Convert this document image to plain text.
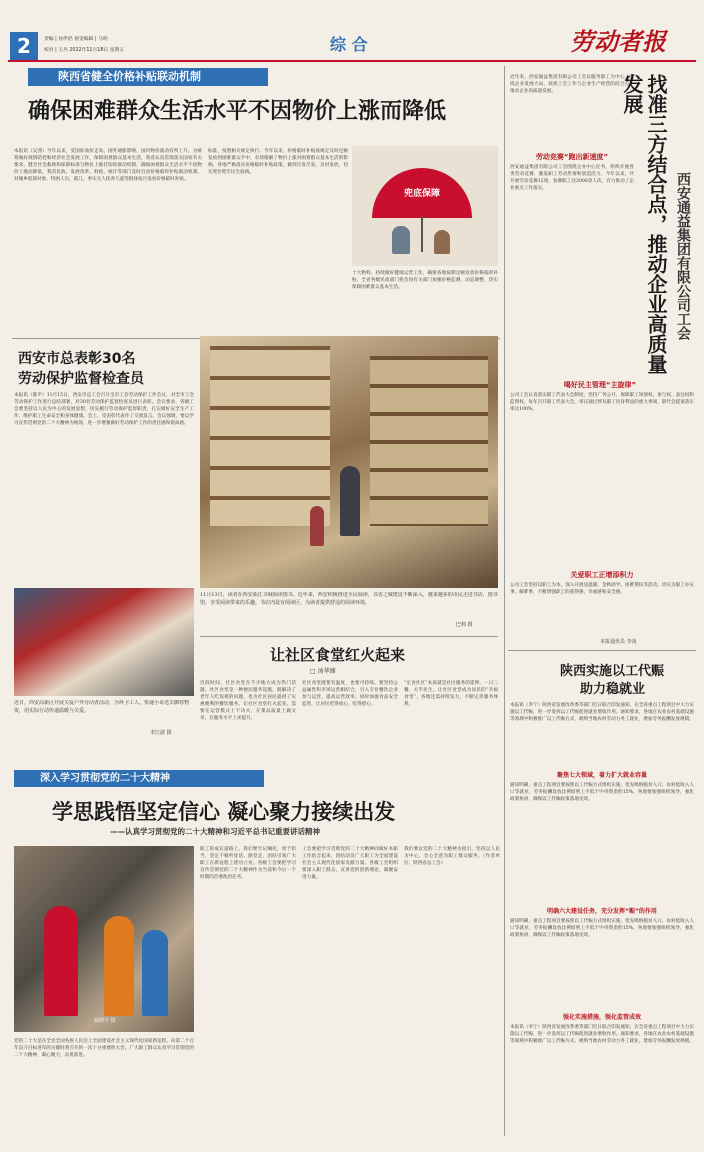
2	责编 | 孙伴侣 视觉编辑 | 马明
校对 | 王丹 2022年11月18日 星期五	综 合	劳动者报
陕西省健全价格补贴联动机制
确保困难群众生活水平不因物价上涨而降低
本报讯（吴茜）今年以来，受国际油价走高、国外通胀影响，国内物价波动有所上升。为统筹做好疫情防控和经济社会发展工作，保障困难群众基本生活，我省认真贯彻落实国家有关要求，健全社会救助和保障标准与物价上涨挂钩的联动机制，确保困难群众生活水平不因物价上涨而降低。我省民政、发展改革、财政、统计等部门及时启动价格临时补贴联动机制，对城乡低保对象、特困人员、孤儿、事实无人抚养儿童等群体按月发放价格临时补贴。
标准，按照相关规定执行。今年以来，价格临时补贴按规定及时足额发放到困难群众手中，有效缓解了物价上涨对困难群众基本生活的影响。各地严格落实价格临时补贴政策，做到应发尽发、及时发放，切实兜住兜牢民生底线。
兜底保障
十大物料，持续做好健康运营工作，确保各地按期足额发放价格临时补贴，全省各级民政部门将会同有关部门加强价格监测，动态调整，切实保障困难群众基本生活。
近年来，西安通益集团有限公司工会以服务职工为中心，围绕企业发展大局，找准工会工作与企业生产经营的结合点，推动企业高质量发展。	找准三方结合点，推动企业高质量发展
西安通益集团有限公司工会
劳动竞赛“跑出新速度”
西安通益集团有限公司工会围绕企业中心任务，组织开展各类劳动竞赛，激发职工劳动热情和创造活力。今年以来，共开展劳动竞赛12项，参赛职工达2000余人次，有力推动了企业重点工作落实。
喝好民主管理“主旋律”
公司工会认真落实职工代表大会制度，坚持厂务公开，保障职工知情权、参与权、表达权和监督权。每年召开职工代表大会，审议通过涉及职工切身利益的重大事项，职代会提案落实率达100%。
关爱职工正增添积力
公司工会坚持以职工为本，深入开展送温暖、金秋助学、困难帮扶等活动，切实为职工办实事、解难事，不断增强职工的获得感、幸福感和安全感。
本报通讯员 李凌
陕西实施以工代赈
助力稳就业
本报讯（李宁）陕西省发展改革委等部门近日联合印发通知，在全省重点工程项目中大力实施以工代赈，进一步发挥以工代赈促进就业增收作用。通知要求，各地在农业农村基础设施等领域中积极推广以工代赈方式，吸纳当地农村劳动力务工就业，增加劳务报酬发放规模。
聚焦七大领域，着力扩大就业容量
通知明确，重点工程项目要按照以工代赈方式组织实施，优先吸纳脱贫人口、农村低收入人口等就业，劳务报酬发放比例原则上不低于中央资金的15%。各地要加强组织领导，强化政策协同，确保以工代赈政策落地见效。
明确六大建设任务，充分发挥“赈”的作用
通知明确，重点工程项目要按照以工代赈方式组织实施，优先吸纳脱贫人口、农村低收入人口等就业，劳务报酬发放比例原则上不低于中央资金的15%。各地要加强组织领导，强化政策协同，确保以工代赈政策落地见效。
强化实施措施，强化监管成效
本报讯（李宁）陕西省发展改革委等部门近日联合印发通知，在全省重点工程项目中大力实施以工代赈，进一步发挥以工代赈促进就业增收作用。通知要求，各地在农业农村基础设施等领域中积极推广以工代赈方式，吸纳当地农村劳动力务工就业，增加劳务报酬发放规模。
西安市总表彰30名
劳动保护监督检查员
本报讯（陈平）11月15日，西安市总工会召开全市工会劳动保护工作会议，对全市工会劳动保护工作进行总结部署，对30名劳动保护监督检查员进行表彰。会议要求，各级工会要坚持以人民为中心的发展思想，切实履行劳动保护监督职责，扎实做好安全生产工作，维护职工生命安全和身体健康。会上，受表彰代表作了交流发言。会议强调，要以学习宣传贯彻党的二十大精神为统领，进一步增强做好劳动保护工作的责任感和使命感。
近日，西安高新区开展关爱户外劳动者活动，为环卫工人、快递小哥送去御寒物资，用实际行动传递温暖与关爱。
李江波 摄
11月13日，读者在西安曲江书城阅读图书。近年来，西安积极推进全民阅读，书香之城建设不断深入，越来越多的市民走进书店、图书馆，享受阅读带来的乐趣。书店内设有阅读区，为读者提供舒适的阅读环境。
巴莉 摄
让社区食堂红火起来
□ 汤华臻
近段时间，社区食堂在不少地方成为热门话题。社区食堂是一种便民服务设施，既解决了老年人吃饭难的问题，也为社区居民提供了实惠便利的餐饮服务。让社区食堂红火起来，需要在运营模式上下功夫，在菜品质量上做文章，在服务水平上求提升。
社区食堂既要有温度，也要可持续。要坚持公益属性和市场运营相结合，引入专业餐饮企业参与运营，提高运营效率。同时加强食品安全监管，让居民吃得放心、吃得舒心。
“定食社区”本质就是社区服务的延伸。一日三餐，关乎民生。让社区食堂成为居民的“幸福食堂”，各地还需持续发力，不断完善服务体系。
深入学习贯彻党的二十大精神
学思践悟坚定信心 凝心聚力接续出发
——认真学习贯彻党的二十大精神和习近平总书记重要讲话精神
杨晓宇 摄
党的二十大是在全党全国各族人民迈上全面建设社会主义现代化国家新征程、向第二个百年奋斗目标进军的关键时刻召开的一次十分重要的大会。广大职工群众认真学习贯彻党的二十大精神，凝心聚力，奋勇前进。
职工的成长道路上，我们要牢记嘱托，勇于担当，坚定不移听党话、跟党走，团结引领广大职工在新征程上建功立业。各级工会要把学习宣传贯彻党的二十大精神作为当前和今后一个时期的首要政治任务。
工会要把学习贯彻党的二十大精神同做好本职工作结合起来，团结动员广大职工为全面建设社会主义现代化国家贡献力量。各级工会组织要深入职工群众，宣讲党的创新理论，凝聚奋进力量。
我们要以党的二十大精神为指引，坚持以人民为中心，全心全意为职工群众服务。（作者单位：陕西省总工会）
